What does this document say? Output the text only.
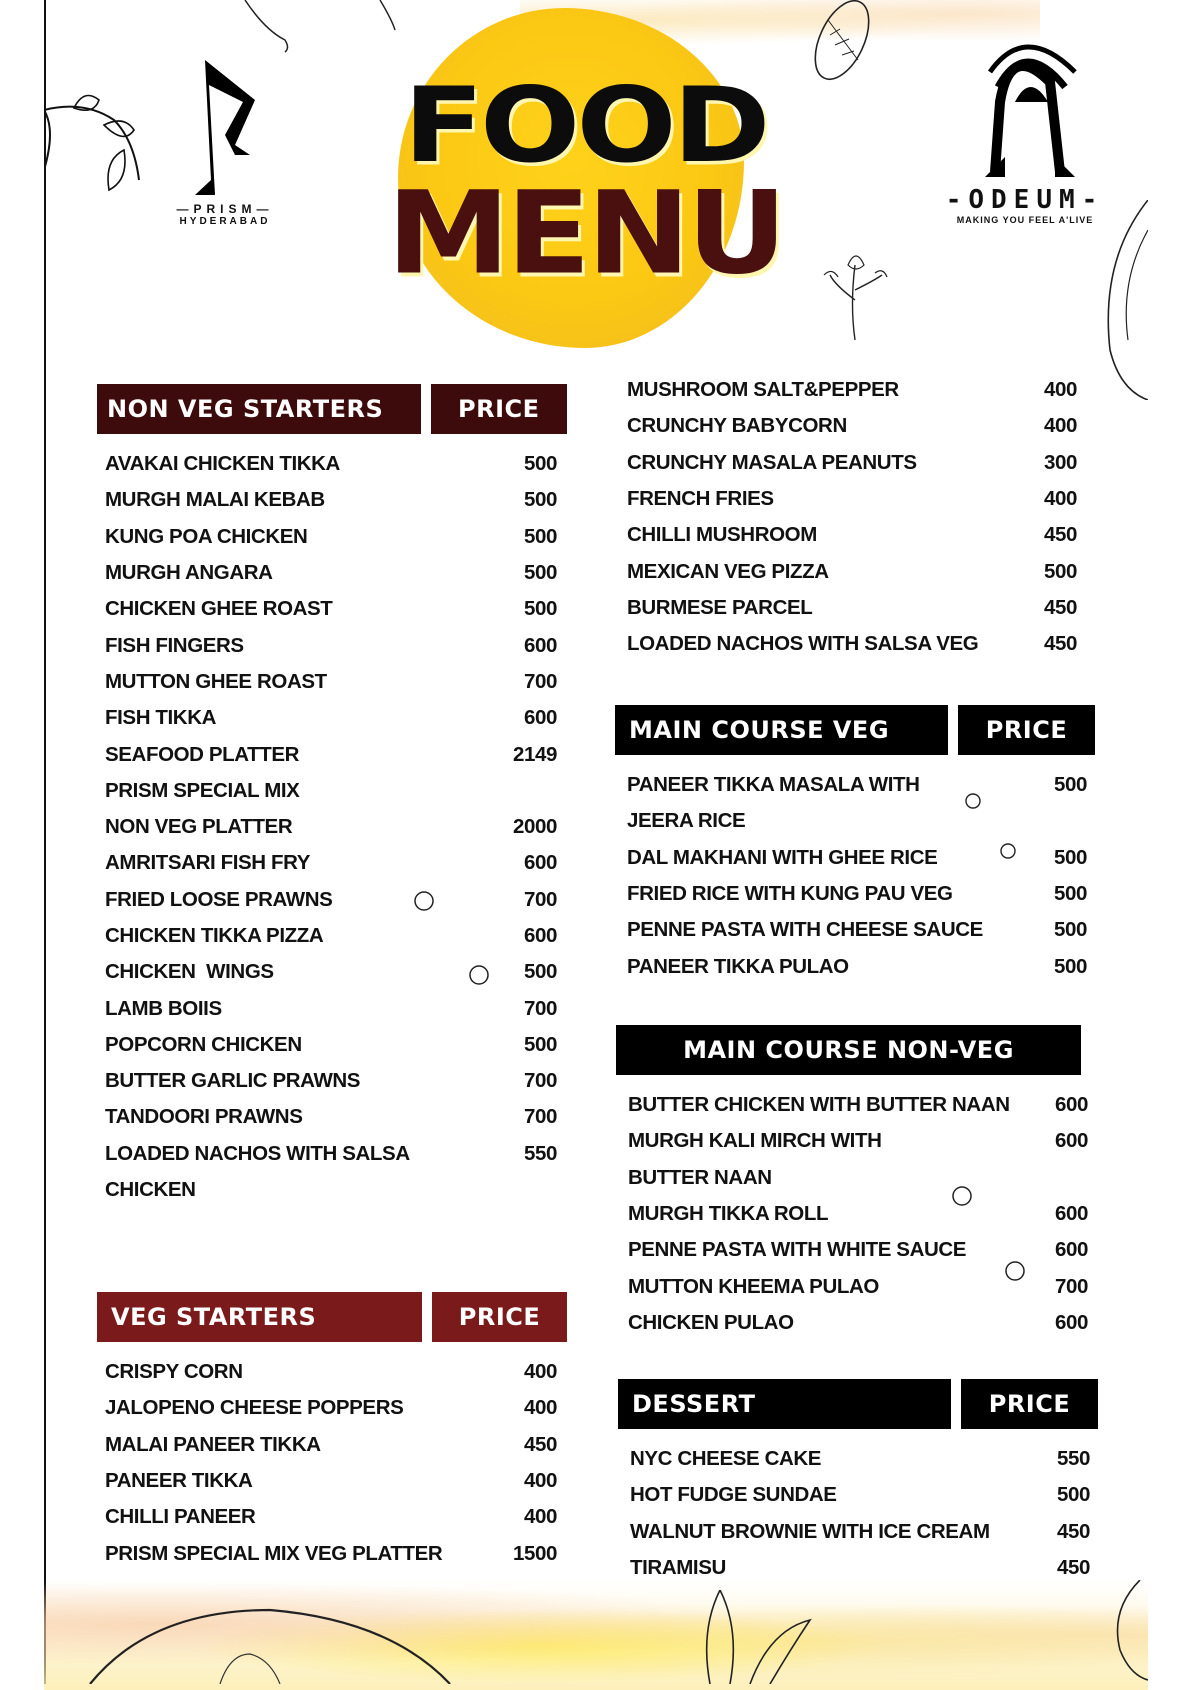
FOOD
MENU
—PRISM—
HYDERABAD
-ODEUM-
MAKING YOU FEEL A'LIVE
NON VEG STARTERS	PRICE
AVAKAI CHICKEN TIKKA	500
MURGH MALAI KEBAB	500
KUNG POA CHICKEN	500
MURGH ANGARA	500
CHICKEN GHEE ROAST	500
FISH FINGERS	600
MUTTON GHEE ROAST	700
FISH TIKKA	600
SEAFOOD PLATTER	2149
PRISM SPECIAL MIX
NON VEG PLATTER	2000
AMRITSARI FISH FRY	600
FRIED LOOSE PRAWNS	700
CHICKEN TIKKA PIZZA	600
CHICKEN  WINGS	500
LAMB BOIIS	700
POPCORN CHICKEN	500
BUTTER GARLIC PRAWNS	700
TANDOORI PRAWNS	700
LOADED NACHOS WITH SALSA	550
CHICKEN
VEG STARTERS	PRICE
CRISPY CORN	400
JALOPENO CHEESE POPPERS	400
MALAI PANEER TIKKA	450
PANEER TIKKA	400
CHILLI PANEER	400
PRISM SPECIAL MIX VEG PLATTER	1500
MUSHROOM SALT&PEPPER	400
CRUNCHY BABYCORN	400
CRUNCHY MASALA PEANUTS	300
FRENCH FRIES	400
CHILLI MUSHROOM	450
MEXICAN VEG PIZZA	500
BURMESE PARCEL	450
LOADED NACHOS WITH SALSA VEG	450
MAIN COURSE VEG	PRICE
PANEER TIKKA MASALA WITH	500
JEERA RICE
DAL MAKHANI WITH GHEE RICE	500
FRIED RICE WITH KUNG PAU VEG	500
PENNE PASTA WITH CHEESE SAUCE	500
PANEER TIKKA PULAO	500
MAIN COURSE NON-VEG
BUTTER CHICKEN WITH BUTTER NAAN	600
MURGH KALI MIRCH WITH	600
BUTTER NAAN
MURGH TIKKA ROLL	600
PENNE PASTA WITH WHITE SAUCE	600
MUTTON KHEEMA PULAO	700
CHICKEN PULAO	600
DESSERT	PRICE
NYC CHEESE CAKE	550
HOT FUDGE SUNDAE	500
WALNUT BROWNIE WITH ICE CREAM	450
TIRAMISU	450
